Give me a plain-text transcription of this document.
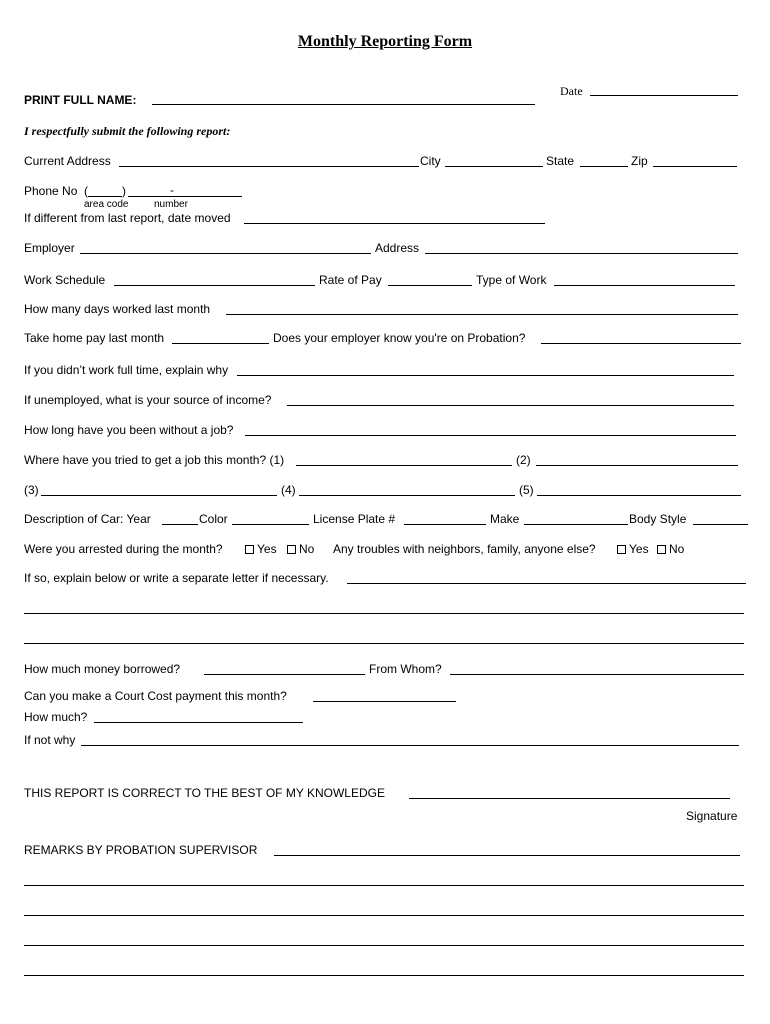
Monthly Reporting Form
Date
PRINT FULL NAME:
I respectfully submit the following report:
Current Address	City	State	Zip
Phone No (	)	-
area code	number
If different from last report, date moved
Employer	Address
Work Schedule	Rate of Pay	Type of Work
How many days worked last month
Take home pay last month	Does your employer know you're on Probation?
If you didn’t work full time, explain why
If unemployed, what is your source of income?
How long have you been without a job?
Where have you tried to get a job this month? (1)	(2)
(3)	(4)	(5)
Description of Car: Year	Color	License Plate #	Make	Body Style
Were you arrested during the month?	Yes	No Any troubles with neighbors, family, anyone else?	Yes	No
If so, explain below or write a separate letter if necessary.
How much money borrowed?	From Whom?
Can you make a Court Cost payment this month?
How much?
If not why
THIS REPORT IS CORRECT TO THE BEST OF MY KNOWLEDGE
Signature
REMARKS BY PROBATION SUPERVISOR
